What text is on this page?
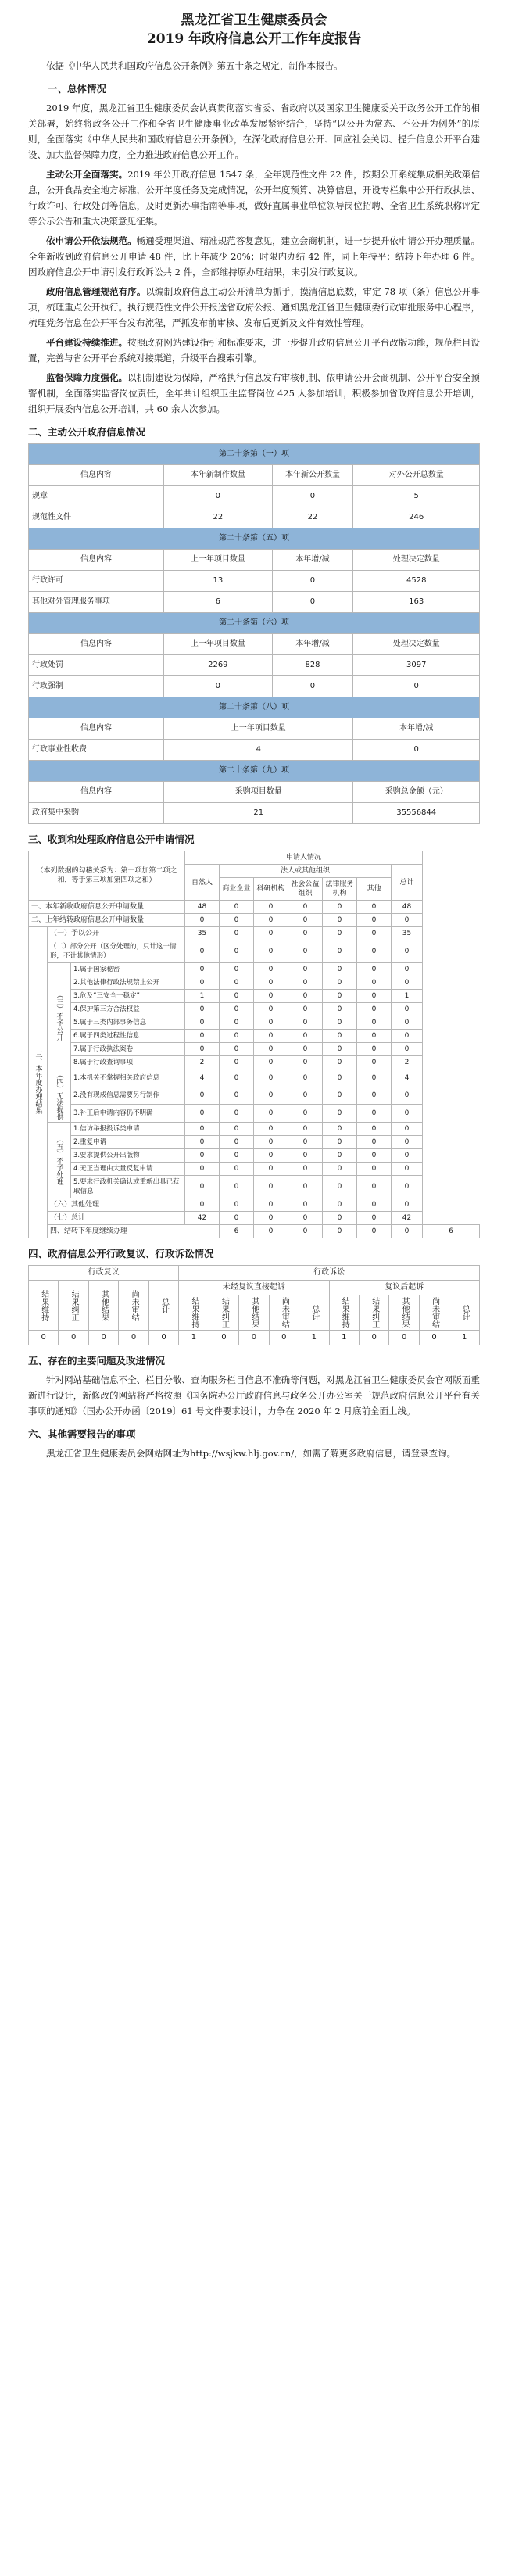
黑龙江省卫生健康委员会
2019 年政府信息公开工作年度报告

依据《中华人民共和国政府信息公开条例》第五十条之规定，制作本报告。

一、总体情况

2019 年度，黑龙江省卫生健康委员会认真贯彻落实省委、省政府以及国家卫生健康委关于政务公开工作的相关部署，始终将政务公开工作和全省卫生健康事业改革发展紧密结合，坚持“以公开为常态、不公开为例外”的原则，全面落实《中华人民共和国政府信息公开条例》，在深化政府信息公开、回应社会关切、提升信息公开平台建设、加大监督保障力度，全力推进政府信息公开工作。

主动公开全面落实。2019 年公开政府信息 1547 条，全年规范性文件 22 件，按期公开系统集成相关政策信息，公开食品安全地方标准，公开年度任务及完成情况，公开年度预算、决算信息，开设专栏集中公开行政执法、行政许可、行政处罚等信息，及时更新办事指南等事项，做好直属事业单位领导岗位招聘、全省卫生系统职称评定等公示公告和重大决策意见征集。

依申请公开依法规范。畅通受理渠道、精准规范答复意见，建立会商机制，进一步提升依申请公开办理质量。全年新收到政府信息公开申请 48 件，比上年减少 20%；时限内办结 42 件，同上年持平；结转下年办理 6 件。因政府信息公开申请引发行政诉讼共 2 件，全部维持原办理结果，未引发行政复议。

政府信息管理规范有序。以编制政府信息主动公开清单为抓手，摸清信息底数，审定 78 项（条）信息公开事项，梳理重点公开执行。执行规范性文件公开报送省政府公报、通知黑龙江省卫生健康委行政审批服务中心程序，梳理党务信息在公开平台发布流程，严抓发布前审核、发布后更新及文件有效性管理。

平台建设持续推进。按照政府网站建设指引和标准要求，进一步提升政府信息公开平台改版功能，规范栏目设置，完善与省公开平台系统对接渠道，升级平台搜索引擎。

监督保障力度强化。以机制建设为保障，严格执行信息发布审核机制、依申请公开会商机制、公开平台安全预警机制，全面落实监督岗位责任，全年共计组织卫生监督岗位 425 人参加培训，积极参加省政府信息公开培训，组织开展委内信息公开培训，共 60 余人次参加。

二、主动公开政府信息情况
第二十条第（一）项			
信息内容	本年新制作数量	本年新公开数量	对外公开总数量
规章	0	0	5
规范性文件	22	22	246
第二十条第（五）项			
信息内容	上一年项目数量	本年增/减	处理决定数量
行政许可	13	0	4528
其他对外管理服务事项	6	0	163
第二十条第（六）项			
信息内容	上一年项目数量	本年增/减	处理决定数量
行政处罚	2269	828	3097
行政强制	0	0	0
第二十条第（八）项			
信息内容	上一年项目数量		本年增/减
行政事业性收费	4		0
第二十条第（九）项			
信息内容	采购项目数量		采购总金额（元）
政府集中采购	21		35556844
三、收到和处理政府信息公开申请情况
（本列数据的勾稽关系为：第一项加第二项之和，等于第三项加第四项之和）			申请人情况							
			自然人	法人或其他组织					总计	
				商业企业	科研机构	社会公益组织	法律服务机构	其他		
一、本年新收政府信息公开申请数量			48	0	0	0	0	0	48	
二、上年结转政府信息公开申请数量			0	0	0	0	0	0	0	
三、本年度办理结果	（一）予以公开		35	0	0	0	0	0	35	
	（二）部分公开（区分处理的，只计这一情形，不计其他情形）		0	0	0	0	0	0	0	
	（三）不予公开	1.属于国家秘密	0	0	0	0	0	0	0	
		2.其他法律行政法规禁止公开	0	0	0	0	0	0	0	
		3.危及“三安全一稳定”	1	0	0	0	0	0	1	
		4.保护第三方合法权益	0	0	0	0	0	0	0	
		5.属于三类内部事务信息	0	0	0	0	0	0	0	
		6.属于四类过程性信息	0	0	0	0	0	0	0	
		7.属于行政执法案卷	0	0	0	0	0	0	0	
		8.属于行政查询事项	2	0	0	0	0	0	2	
	（四）无法提供	1.本机关不掌握相关政府信息	4	0	0	0	0	0	4	
		2.没有现成信息需要另行制作	0	0	0	0	0	0	0	
		3.补正后申请内容仍不明确	0	0	0	0	0	0	0	
	（五）不予处理	1.信访举报投诉类申请	0	0	0	0	0	0	0	
		2.重复申请	0	0	0	0	0	0	0	
		3.要求提供公开出版物	0	0	0	0	0	0	0	
		4.无正当理由大量反复申请	0	0	0	0	0	0	0	
		5.要求行政机关确认或重新出具已获取信息	0	0	0	0	0	0	0	
	（六）其他处理		0	0	0	0	0	0	0	
	（七）总计		42	0	0	0	0	0	42	
	四、结转下年度继续办理			6	0	0	0	0	0	6
四、政府信息公开行政复议、行政诉讼情况
行政复议					行政诉讼									

结果维持	结果纠正	其他结果	尚未审结	总计	未经复议直接起诉					复议后起诉				

					结果维持	结果纠正	其他结果	尚未审结	总计	结果维持	结果纠正	其他结果	尚未审结	总计

0	0	0	0	0	1	0	0	0	1	1	0	0	0	1
五、存在的主要问题及改进情况

针对网站基础信息不全、栏目分散、查询服务栏目信息不准确等问题，对黑龙江省卫生健康委员会官网版面重新进行设计，新修改的网站将严格按照《国务院办公厅政府信息与政务公开办公室关于规范政府信息公开平台有关事项的通知》（国办公开办函〔2019〕61 号文件要求设计，力争在 2020 年 2 月底前全面上线。

六、其他需要报告的事项

黑龙江省卫生健康委员会网站网址为http://wsjkw.hlj.gov.cn/，如需了解更多政府信息，请登录查询。
